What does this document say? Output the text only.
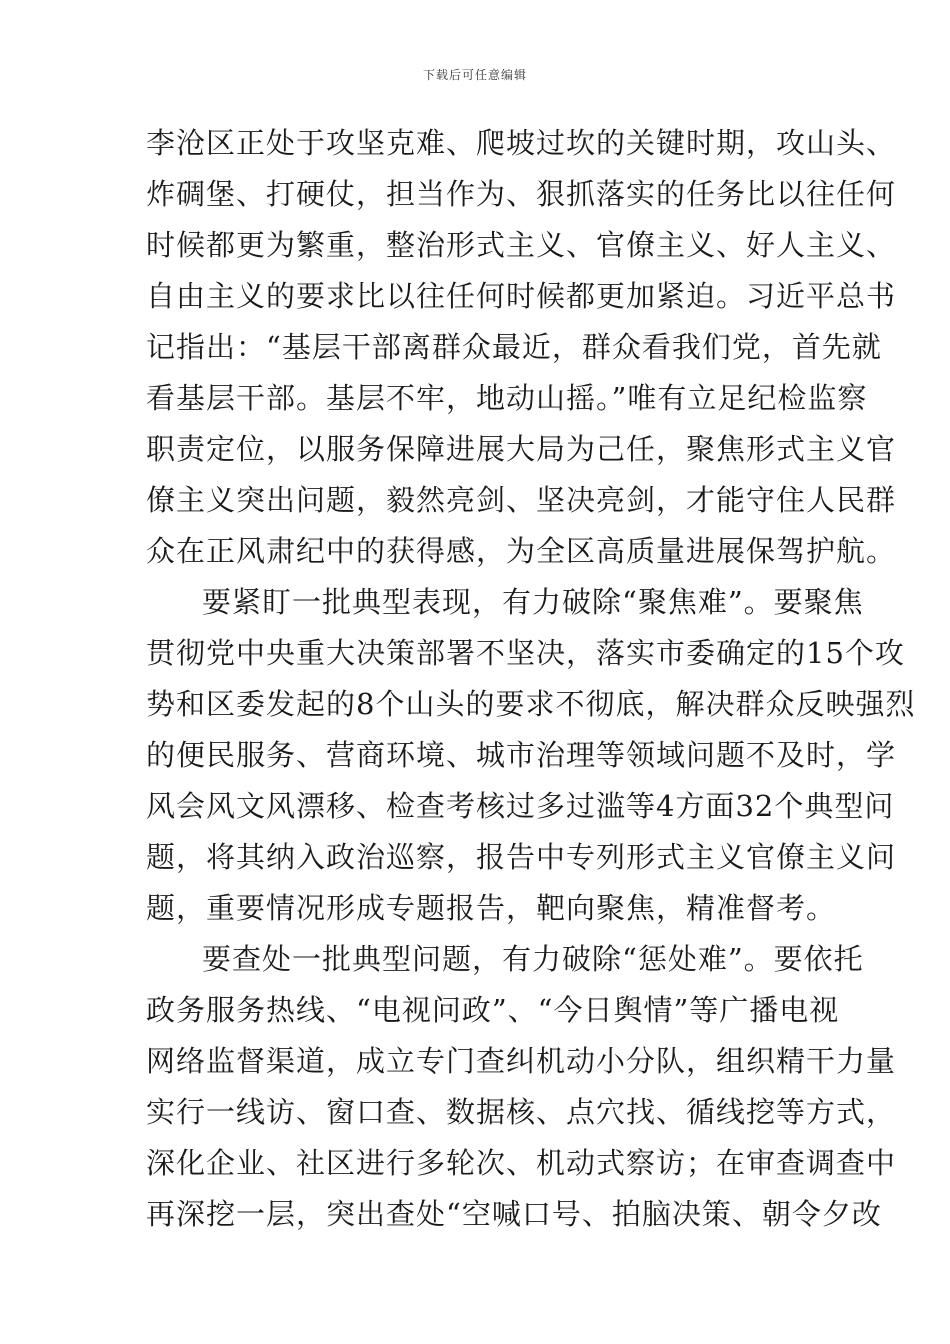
下载后可任意编辑
李沧区正处于攻坚克难、爬坡过坎的关键时期，攻山头、
炸碉堡、打硬仗，担当作为、狠抓落实的任务比以往任何
时候都更为繁重，整治形式主义、官僚主义、好人主义、
自由主义的要求比以往任何时候都更加紧迫。习近平总书
记指出：“基层干部离群众最近，群众看我们党，首先就
看基层干部。基层不牢，地动山摇。”唯有立足纪检监察
职责定位，以服务保障进展大局为己任，聚焦形式主义官
僚主义突出问题，毅然亮剑、坚决亮剑，才能守住人民群
众在正风肃纪中的获得感，为全区高质量进展保驾护航。
要紧盯一批典型表现，有力破除“聚焦难”。要聚焦
贯彻党中央重大决策部署不坚决，落实市委确定的15个攻
势和区委发起的8个山头的要求不彻底，解决群众反映强烈
的便民服务、营商环境、城市治理等领域问题不及时，学
风会风文风漂移、检查考核过多过滥等4方面32个典型问
题，将其纳入政治巡察，报告中专列形式主义官僚主义问
题，重要情况形成专题报告，靶向聚焦，精准督考。
要查处一批典型问题，有力破除“惩处难”。要依托
政务服务热线、“电视问政”、“今日舆情”等广播电视
网络监督渠道，成立专门查纠机动小分队，组织精干力量
实行一线访、窗口查、数据核、点穴找、循线挖等方式，
深化企业、社区进行多轮次、机动式察访；在审查调查中
再深挖一层，突出查处“空喊口号、拍脑决策、朝令夕改
